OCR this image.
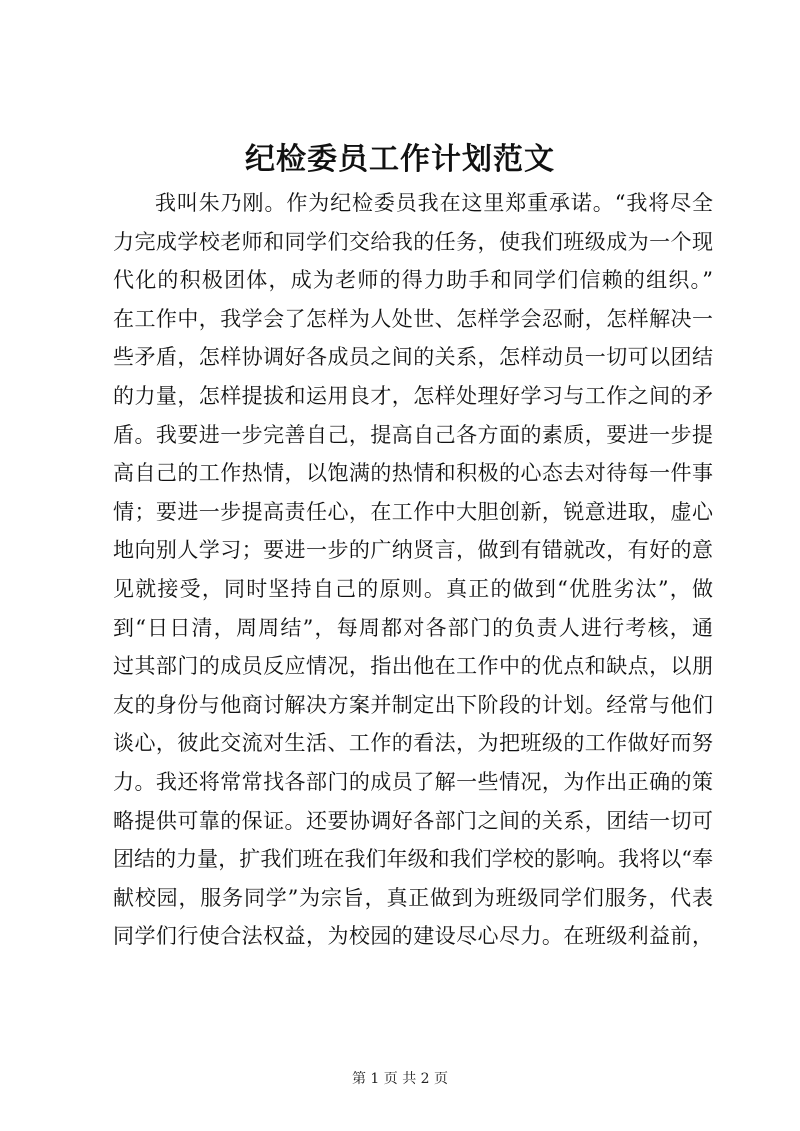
纪检委员工作计划范文
我叫朱乃刚。作为纪检委员我在这里郑重承诺。“我将尽全
力完成学校老师和同学们交给我的任务，使我们班级成为一个现
代化的积极团体，成为老师的得力助手和同学们信赖的组织。”
在工作中，我学会了怎样为人处世、怎样学会忍耐，怎样解决一
些矛盾，怎样协调好各成员之间的关系，怎样动员一切可以团结
的力量，怎样提拔和运用良才，怎样处理好学习与工作之间的矛
盾。我要进一步完善自己，提高自己各方面的素质，要进一步提
高自己的工作热情，以饱满的热情和积极的心态去对待每一件事
情；要进一步提高责任心，在工作中大胆创新，锐意进取，虚心
地向别人学习；要进一步的广纳贤言，做到有错就改，有好的意
见就接受，同时坚持自己的原则。真正的做到“优胜劣汰”，做
到“日日清，周周结”，每周都对各部门的负责人进行考核，通
过其部门的成员反应情况，指出他在工作中的优点和缺点，以朋
友的身份与他商讨解决方案并制定出下阶段的计划。经常与他们
谈心，彼此交流对生活、工作的看法，为把班级的工作做好而努
力。我还将常常找各部门的成员了解一些情况，为作出正确的策
略提供可靠的保证。还要协调好各部门之间的关系，团结一切可
团结的力量，扩我们班在我们年级和我们学校的影响。我将以“奉
献校园，服务同学”为宗旨，真正做到为班级同学们服务，代表
同学们行使合法权益，为校园的建设尽心尽力。在班级利益前，
第 1 页 共 2 页
